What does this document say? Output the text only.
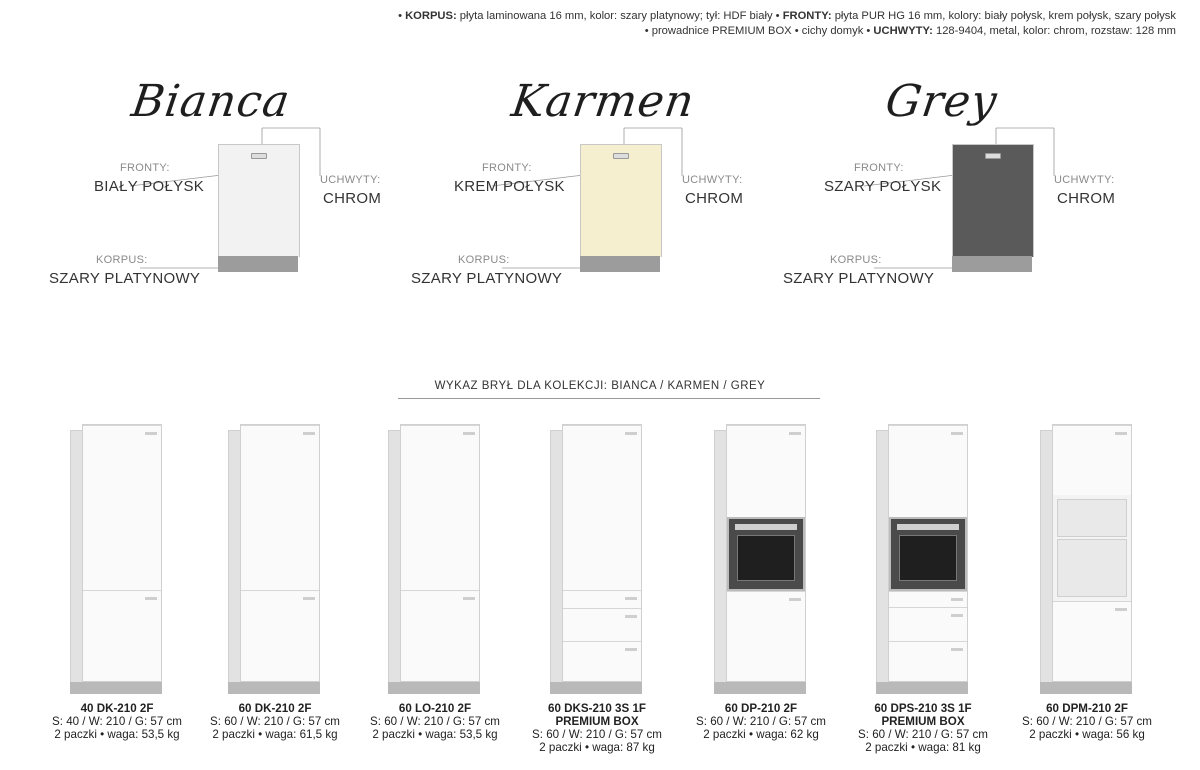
• KORPUS: płyta laminowana 16 mm, kolor: szary platynowy; tył: HDF biały • FRONTY: płyta PUR HG 16 mm, kolory: biały połysk, krem połysk, szary połysk
• prowadnice PREMIUM BOX • cichy domyk • UCHWYTY: 128-9404, metal, kolor: chrom, rozstaw: 128 mm
Bianca
FRONTY:
BIAŁY POŁYSK	UCHWYTY:
CHROM
KORPUS:
SZARY PLATYNOWY
Karmen
FRONTY:
KREM POŁYSK	UCHWYTY:
CHROM
KORPUS:
SZARY PLATYNOWY
Grey
FRONTY:
SZARY POŁYSK	UCHWYTY:
CHROM
KORPUS:
SZARY PLATYNOWY
WYKAZ BRYŁ DLA KOLEKCJI: BIANCA / KARMEN / GREY
40 DK-210 2F
S: 40 / W: 210 / G: 57 cm
2 paczki • waga: 53,5 kg
60 DK-210 2F
S: 60 / W: 210 / G: 57 cm
2 paczki • waga: 61,5 kg
60 LO-210 2F
S: 60 / W: 210 / G: 57 cm
2 paczki • waga: 53,5 kg
60 DKS-210 3S 1F
PREMIUM BOX
S: 60 / W: 210 / G: 57 cm
2 paczki • waga: 87 kg
60 DP-210 2F
S: 60 / W: 210 / G: 57 cm
2 paczki • waga: 62 kg
60 DPS-210 3S 1F
PREMIUM BOX
S: 60 / W: 210 / G: 57 cm
2 paczki • waga: 81 kg
60 DPM-210 2F
S: 60 / W: 210 / G: 57 cm
2 paczki • waga: 56 kg
